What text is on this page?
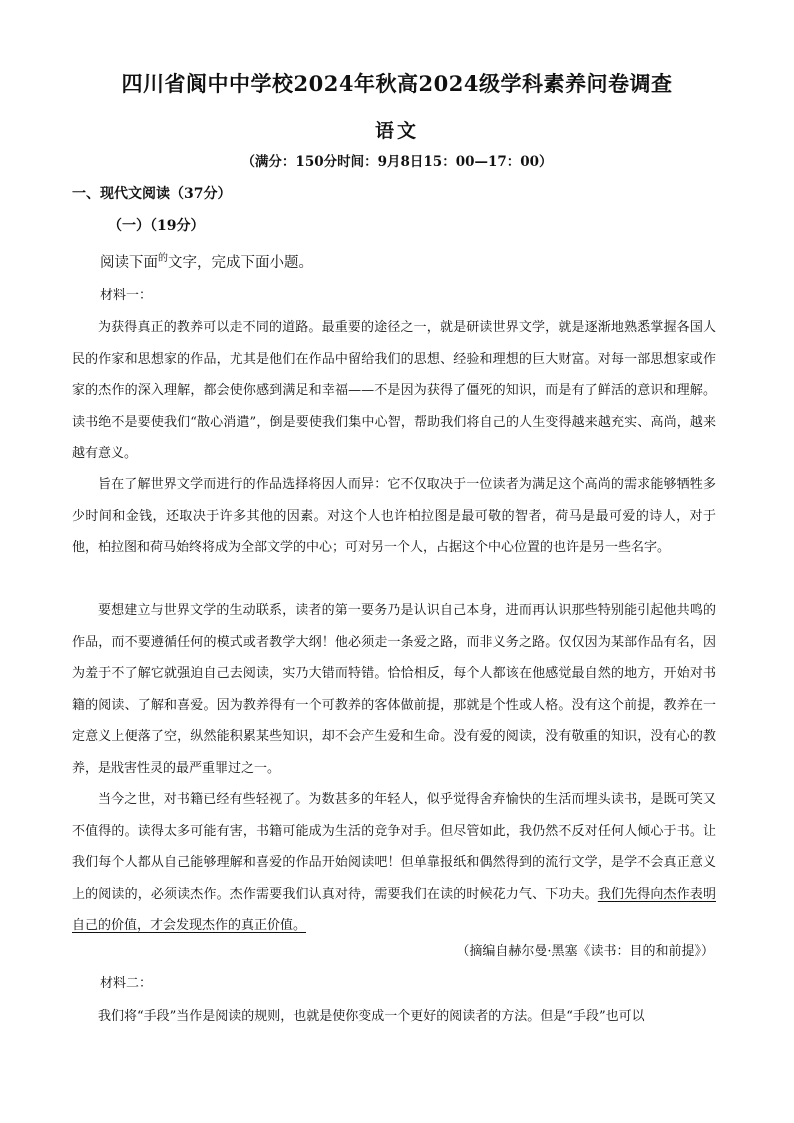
四川省阆中中学校2024年秋高2024级学科素养问卷调查
语文
（满分：150分时间：9月8日15：00—17：00）
一、现代文阅读（37分）
（一）（19分）
阅读下面$^的$文字，完成下面小题。
材料一：
为获得真正的教养可以走不同的道路。最重要的途径之一，就是研读世界文学，就是逐渐地熟悉掌握各国人民的作家和思想家的作品，尤其是他们在作品中留给我们的思想、经验和理想的巨大财富。对每一部思想家或作家的杰作的深入理解，都会使你感到满足和幸福——不是因为获得了僵死的知识，而是有了鲜活的意识和理解。读书绝不是要使我们“散心消遣”，倒是要使我们集中心智，帮助我们将自己的人生变得越来越充实、高尚，越来越有意义。
旨在了解世界文学而进行的作品选择将因人而异：它不仅取决于一位读者为满足这个高尚的需求能够牺牲多少时间和金钱，还取决于许多其他的因素。对这个人也许柏拉图是最可敬的智者，荷马是最可爱的诗人，对于他，柏拉图和荷马始终将成为全部文学的中心；可对另一个人，占据这个中心位置的也许是另一些名字。
要想建立与世界文学的生动联系，读者的第一要务乃是认识自己本身，进而再认识那些特别能引起他共鸣的作品，而不要遵循任何的模式或者教学大纲！他必须走一条爱之路，而非义务之路。仅仅因为某部作品有名，因为羞于不了解它就强迫自己去阅读，实乃大错而特错。恰恰相反，每个人都该在他感觉最自然的地方，开始对书籍的阅读、了解和喜爱。因为教养得有一个可教养的客体做前提，那就是个性或人格。没有这个前提，教养在一定意义上便落了空，纵然能积累某些知识，却不会产生爱和生命。没有爱的阅读，没有敬重的知识，没有心的教养，是戕害性灵的最严重罪过之一。
当今之世，对书籍已经有些轻视了。为数甚多的年轻人，似乎觉得舍弃愉快的生活而埋头读书，是既可笑又不值得的。读得太多可能有害，书籍可能成为生活的竞争对手。但尽管如此，我仍然不反对任何人倾心于书。让我们每个人都从自己能够理解和喜爱的作品开始阅读吧！但单靠报纸和偶然得到的流行文学，是学不会真正意义上的阅读的，必须读杰作。杰作需要我们认真对待，需要我们在读的时候花力气、下功夫。我们先得向杰作表明自己的价值，才会发现杰作的真正价值。
（摘编自赫尔曼·黑塞《读书：目的和前提》）
材料二：
我们将“手段”当作是阅读的规则，也就是使你变成一个更好的阅读者的方法。但是“手段”也可以
